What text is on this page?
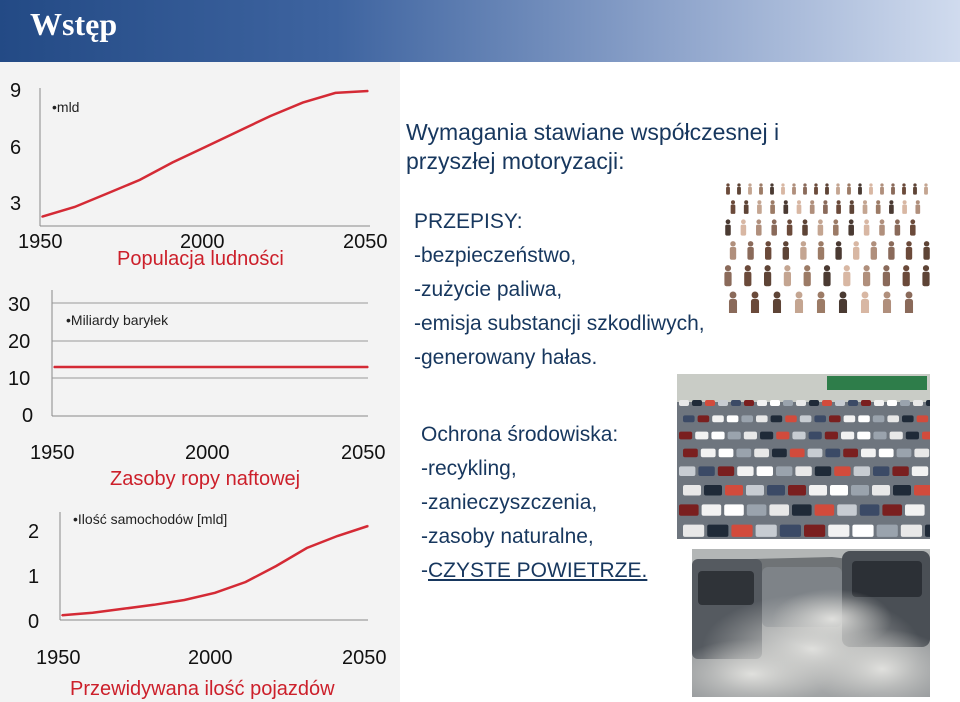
Wstęp
•mld
9
6
3
1950	2000	2050
Populacja ludności
•Miliardy baryłek
30
20
10
0
1950	2000	2050
Zasoby ropy naftowej
•Ilość samochodów [mld]
2
1
0
1950	2000	2050
Przewidywana ilość pojazdów
Wymagania stawiane współczesnej i
przyszłej motoryzacji:
PRZEPISY:
-bezpieczeństwo,
-zużycie paliwa,
-emisja substancji szkodliwych,
-generowany hałas.
Ochrona środowiska:
-recykling,
-zanieczyszczenia,
-zasoby naturalne,
-CZYSTE POWIETRZE.
